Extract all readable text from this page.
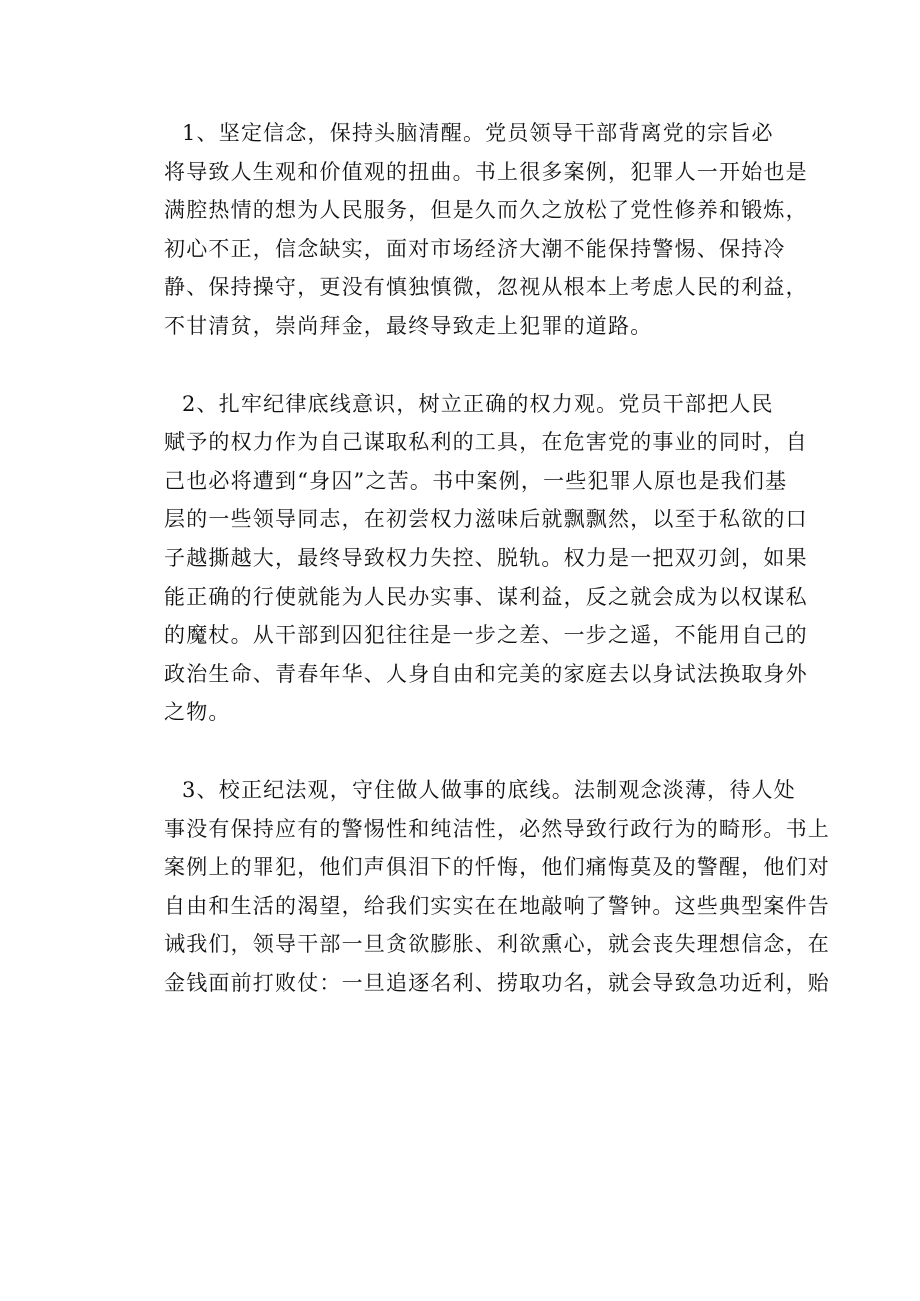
1、坚定信念，保持头脑清醒。党员领导干部背离党的宗旨必
将导致人生观和价值观的扭曲。书上很多案例，犯罪人一开始也是
满腔热情的想为人民服务，但是久而久之放松了党性修养和锻炼，
初心不正，信念缺实，面对市场经济大潮不能保持警惕、保持冷
静、保持操守，更没有慎独慎微，忽视从根本上考虑人民的利益，
不甘清贫，崇尚拜金，最终导致走上犯罪的道路。

2、扎牢纪律底线意识，树立正确的权力观。党员干部把人民
赋予的权力作为自己谋取私利的工具，在危害党的事业的同时，自
己也必将遭到“身囚”之苦。书中案例，一些犯罪人原也是我们基
层的一些领导同志，在初尝权力滋味后就飘飘然，以至于私欲的口
子越撕越大，最终导致权力失控、脱轨。权力是一把双刃剑，如果
能正确的行使就能为人民办实事、谋利益，反之就会成为以权谋私
的魔杖。从干部到囚犯往往是一步之差、一步之遥，不能用自己的
政治生命、青春年华、人身自由和完美的家庭去以身试法换取身外
之物。

3、校正纪法观，守住做人做事的底线。法制观念淡薄，待人处
事没有保持应有的警惕性和纯洁性，必然导致行政行为的畸形。书上
案例上的罪犯，他们声俱泪下的忏悔，他们痛悔莫及的警醒，他们对
自由和生活的渴望，给我们实实在在地敲响了警钟。这些典型案件告
诫我们，领导干部一旦贪欲膨胀、利欲熏心，就会丧失理想信念，在
金钱面前打败仗：一旦追逐名利、捞取功名，就会导致急功近利，贻
